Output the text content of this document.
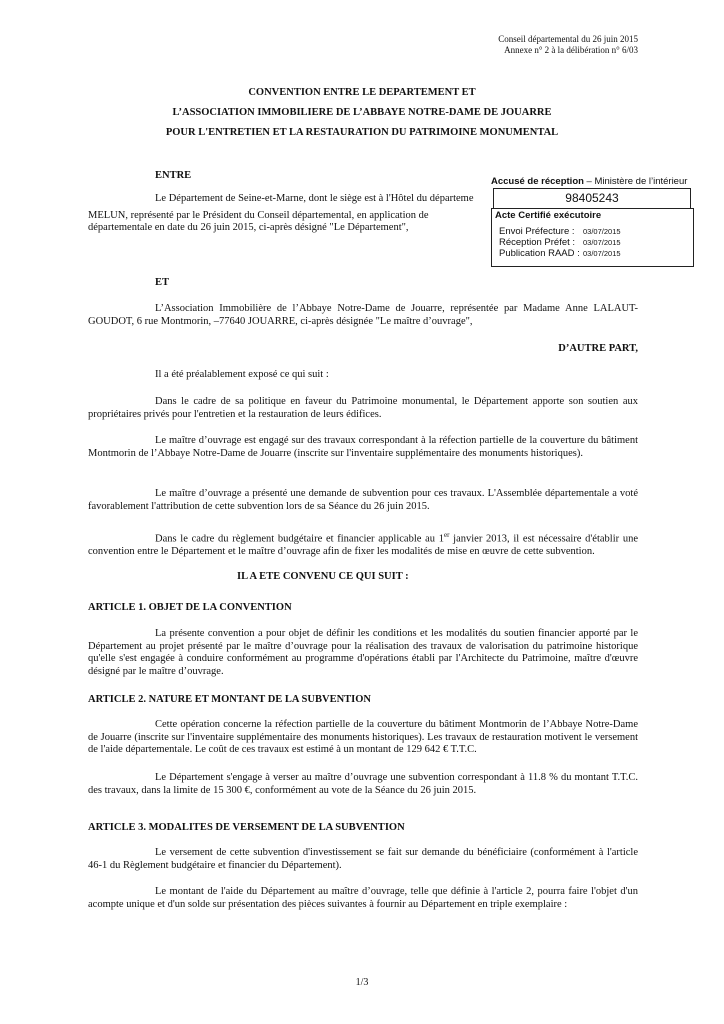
Conseil départemental du 26 juin 2015
Annexe n° 2 à la délibération n° 6/03
CONVENTION ENTRE LE DEPARTEMENT ET
L’ASSOCIATION IMMOBILIERE DE L’ABBAYE NOTRE-DAME DE JOUARRE
POUR L'ENTRETIEN ET LA RESTAURATION DU PATRIMOINE MONUMENTAL
ENTRE
Le Département de Seine-et-Marne, dont le siège est à l'Hôtel du départeme
MELUN, représenté par le Président du Conseil départemental, en application de
départementale en date du 26 juin 2015, ci-après désigné "Le Département",
Accusé de réception – Ministère de l’intérieur
98405243
Acte Certifié exécutoire
Envoi Préfecture : 03/07/2015
Réception Préfet : 03/07/2015
Publication RAAD : 03/07/2015
ET
L’Association Immobilière de l’Abbaye Notre-Dame de Jouarre, représentée par Madame Anne LALAUT-GOUDOT, 6 rue Montmorin, –77640 JOUARRE, ci-après désignée "Le maître d’ouvrage",
D’AUTRE PART,
Il a été préalablement exposé ce qui suit :
Dans le cadre de sa politique en faveur du Patrimoine monumental, le Département apporte son soutien aux propriétaires privés pour l'entretien et la restauration de leurs édifices.
Le maître d’ouvrage est engagé sur des travaux correspondant à la réfection partielle de la couverture du bâtiment Montmorin de l’Abbaye Notre-Dame de Jouarre (inscrite sur l'inventaire supplémentaire des monuments historiques).
Le maître d’ouvrage a présenté une demande de subvention pour ces travaux. L'Assemblée départementale a voté favorablement l'attribution de cette subvention lors de sa Séance du 26 juin 2015.
Dans le cadre du règlement budgétaire et financier applicable au 1er janvier 2013, il est nécessaire d'établir une convention entre le Département et le maître d’ouvrage afin de fixer les modalités de mise en œuvre de cette subvention.
IL A ETE CONVENU CE QUI SUIT :
ARTICLE 1. OBJET DE LA CONVENTION
La présente convention a pour objet de définir les conditions et les modalités du soutien financier apporté par le Département au projet présenté par le maître d’ouvrage pour la réalisation des travaux de valorisation du patrimoine historique qu'elle s'est engagée à conduire conformément au programme d'opérations établi par l'Architecte du Patrimoine, maître d'œuvre désigné par le maître d’ouvrage.
ARTICLE 2. NATURE ET MONTANT DE LA SUBVENTION
Cette opération concerne la réfection partielle de la couverture du bâtiment Montmorin de l’Abbaye Notre-Dame de Jouarre (inscrite sur l'inventaire supplémentaire des monuments historiques). Les travaux de restauration motivent le versement de l'aide départementale. Le coût de ces travaux est estimé à un montant de 129 642 € T.T.C.
Le Département s'engage à verser au maître d’ouvrage une subvention correspondant à 11.8 % du montant T.T.C. des travaux, dans la limite de 15 300 €, conformément au vote de la Séance du 26 juin 2015.
ARTICLE 3. MODALITES DE VERSEMENT DE LA SUBVENTION
Le versement de cette subvention d'investissement se fait sur demande du bénéficiaire (conformément à l'article 46-1 du Règlement budgétaire et financier du Département).
Le montant de l'aide du Département au maître d’ouvrage, telle que définie à l'article 2, pourra faire l'objet d'un acompte unique et d'un solde sur présentation des pièces suivantes à fournir au Département en triple exemplaire :
1/3
